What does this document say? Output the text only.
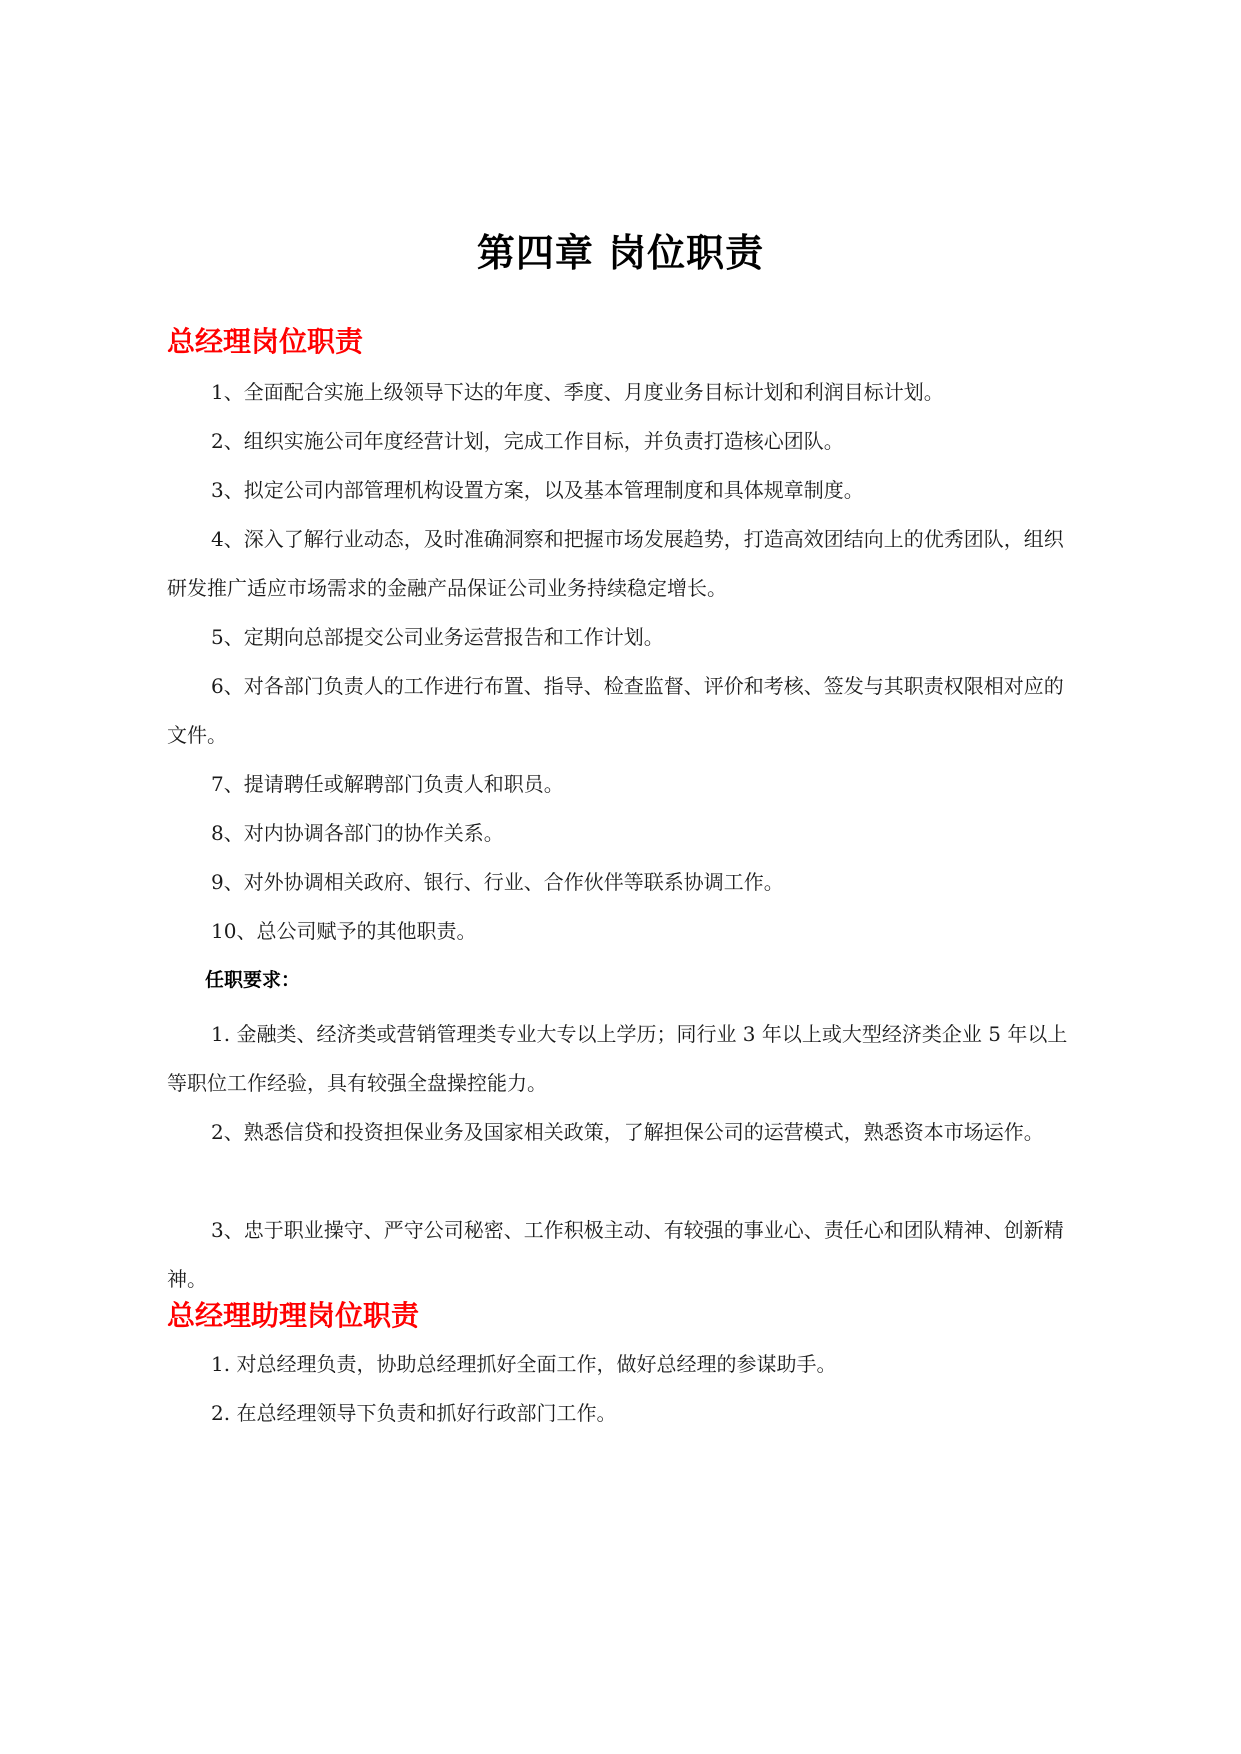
第四章 岗位职责
总经理岗位职责
1、全面配合实施上级领导下达的年度、季度、月度业务目标计划和利润目标计划。
2、组织实施公司年度经营计划，完成工作目标，并负责打造核心团队。
3、拟定公司内部管理机构设置方案，以及基本管理制度和具体规章制度。
4、深入了解行业动态，及时准确洞察和把握市场发展趋势，打造高效团结向上的优秀团队，组织研发推广适应市场需求的金融产品保证公司业务持续稳定增长。
5、定期向总部提交公司业务运营报告和工作计划。
6、对各部门负责人的工作进行布置、指导、检查监督、评价和考核、签发与其职责权限相对应的文件。
7、提请聘任或解聘部门负责人和职员。
8、对内协调各部门的协作关系。
9、对外协调相关政府、银行、行业、合作伙伴等联系协调工作。
10、总公司赋予的其他职责。
任职要求：
1. 金融类、经济类或营销管理类专业大专以上学历；同行业 3 年以上或大型经济类企业 5 年以上等职位工作经验，具有较强全盘操控能力。
2、熟悉信贷和投资担保业务及国家相关政策，了解担保公司的运营模式，熟悉资本市场运作。
3、忠于职业操守、严守公司秘密、工作积极主动、有较强的事业心、责任心和团队精神、创新精神。
总经理助理岗位职责
1. 对总经理负责，协助总经理抓好全面工作，做好总经理的参谋助手。
2. 在总经理领导下负责和抓好行政部门工作。
